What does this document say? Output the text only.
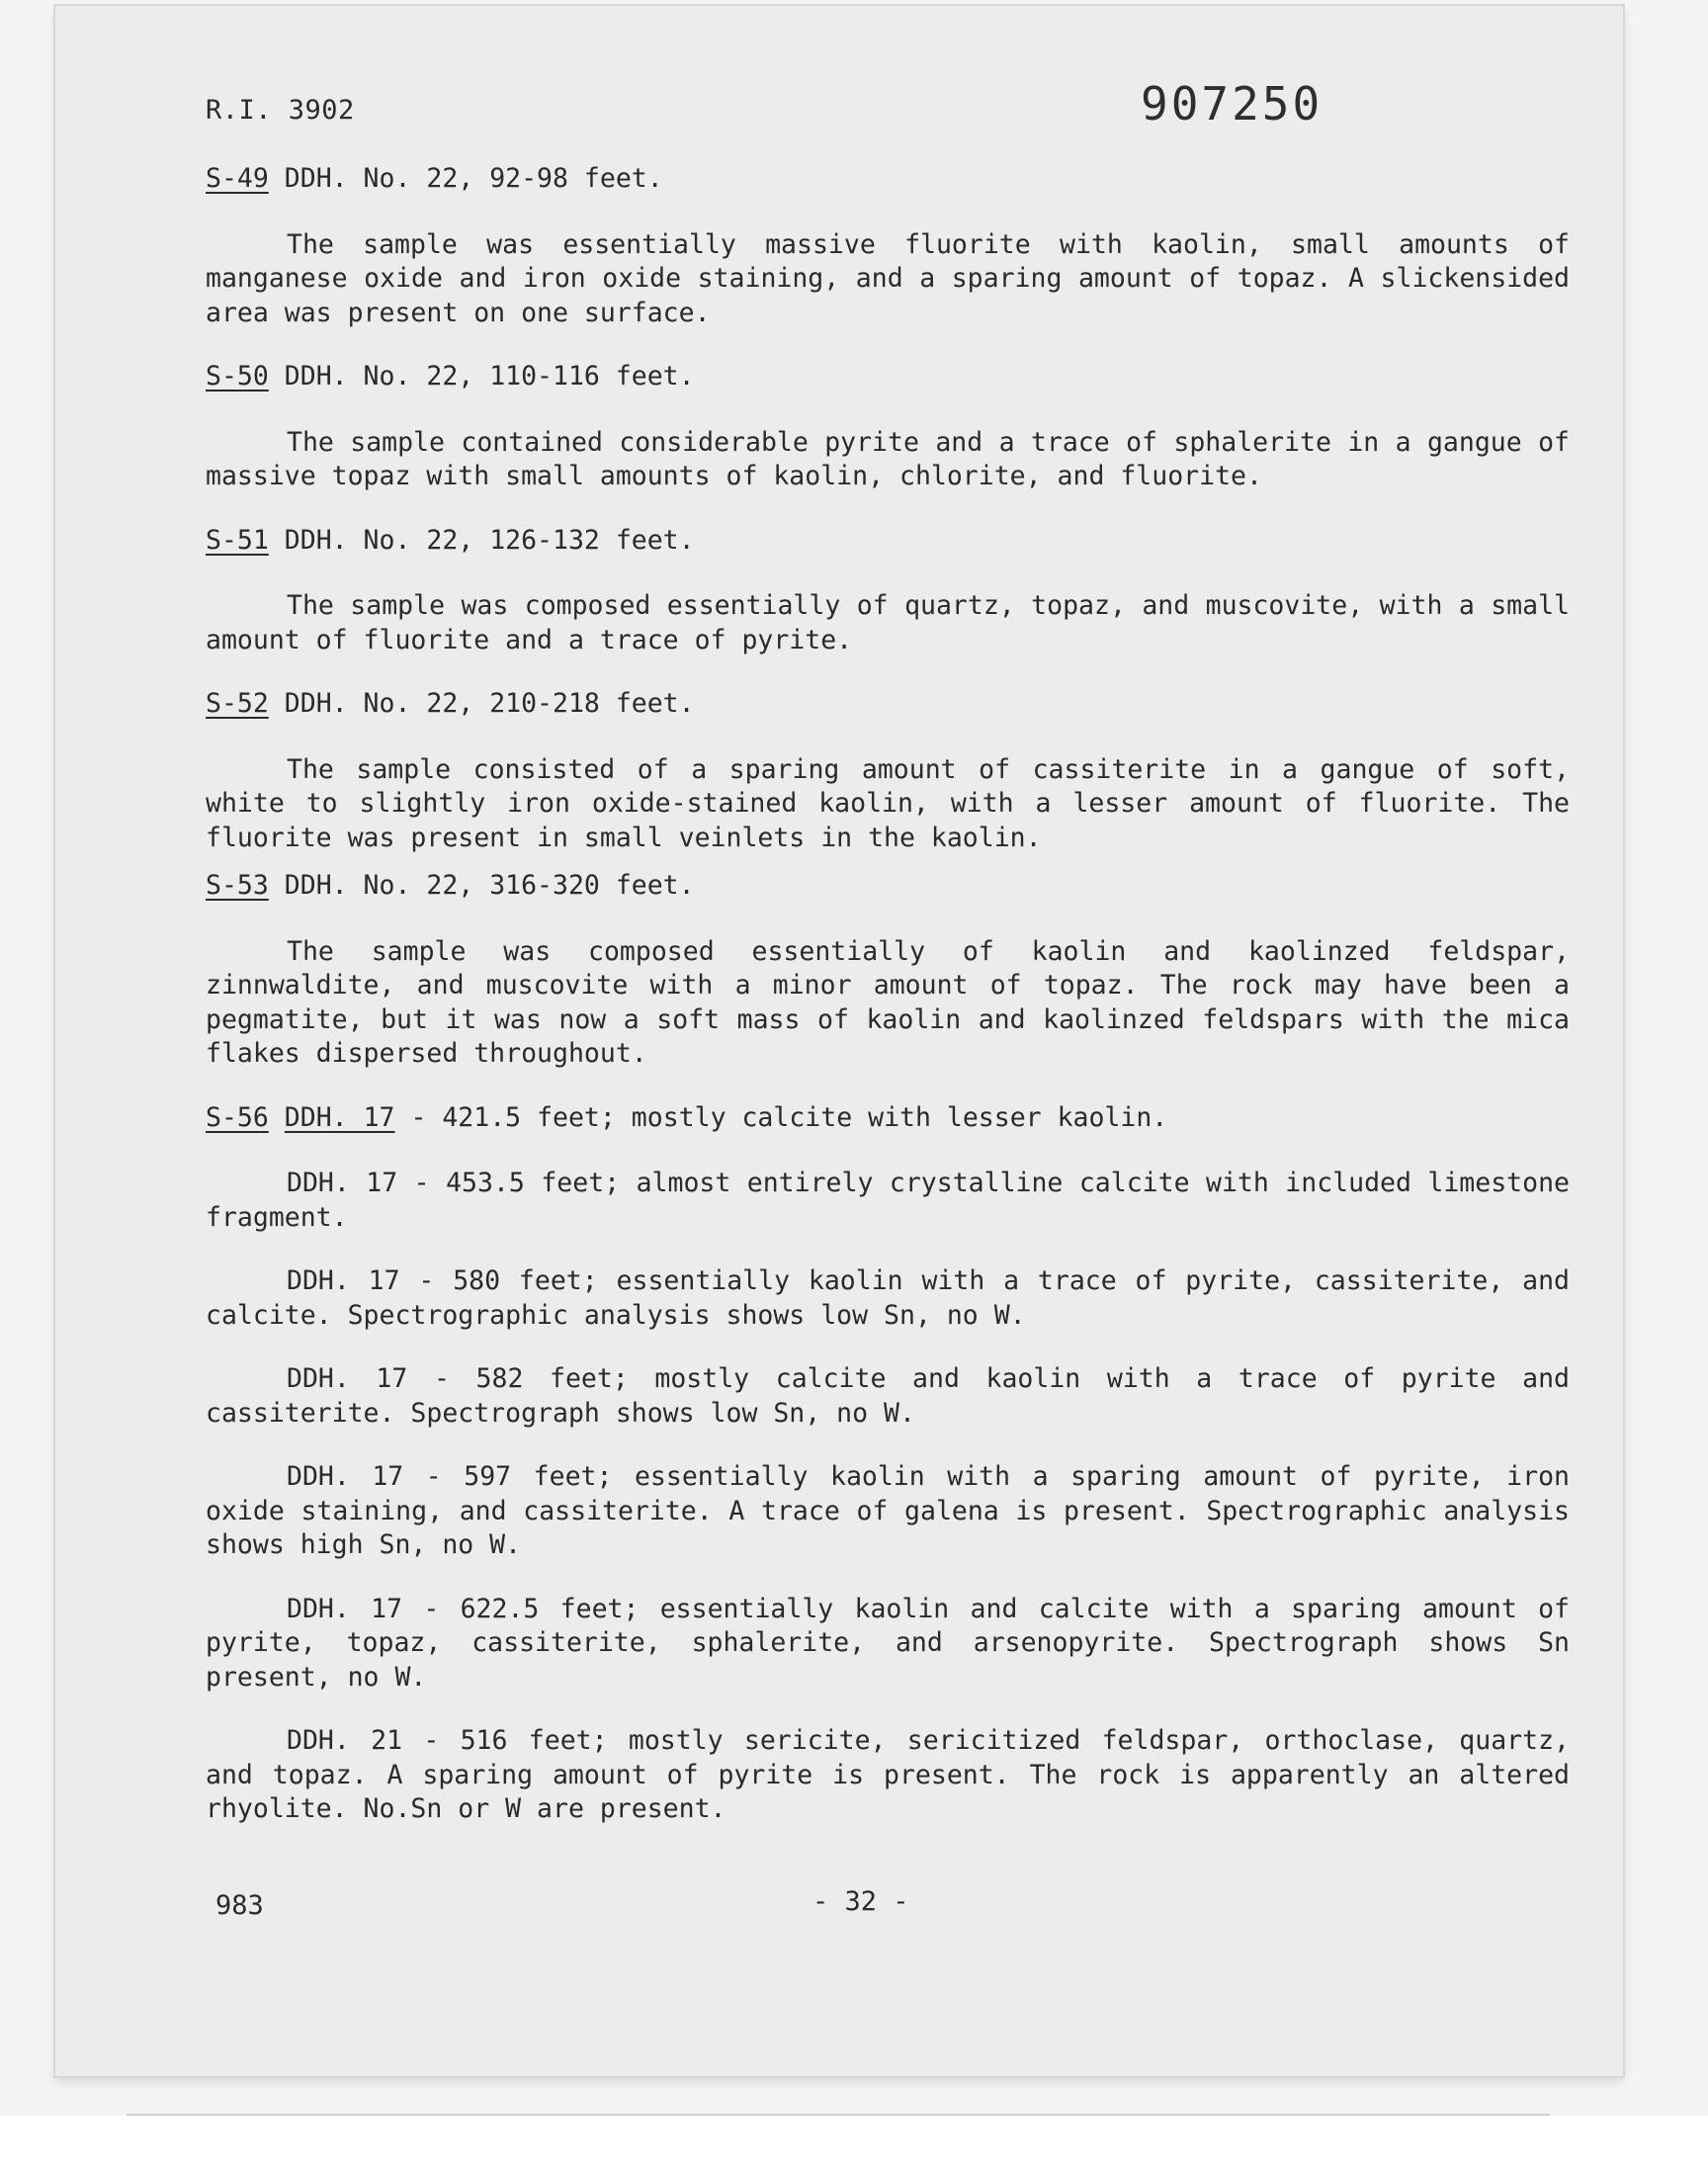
R.I. 3902	907250

S-49 DDH. No. 22, 92-98 feet.

The sample was essentially massive fluorite with kaolin, small amounts of manganese oxide and iron oxide staining, and a sparing amount of topaz. A slickensided area was present on one surface.

S-50 DDH. No. 22, 110-116 feet.

The sample contained considerable pyrite and a trace of sphalerite in a gangue of massive topaz with small amounts of kaolin, chlorite, and fluorite.

S-51 DDH. No. 22, 126-132 feet.

The sample was composed essentially of quartz, topaz, and muscovite, with a small amount of fluorite and a trace of pyrite.

S-52 DDH. No. 22, 210-218 feet.

The sample consisted of a sparing amount of cassiterite in a gangue of soft, white to slightly iron oxide-stained kaolin, with a lesser amount of fluorite. The fluorite was present in small veinlets in the kaolin.

S-53 DDH. No. 22, 316-320 feet.

The sample was composed essentially of kaolin and kaolinzed feldspar, zinnwaldite, and muscovite with a minor amount of topaz. The rock may have been a pegmatite, but it was now a soft mass of kaolin and kaolinzed feldspars with the mica flakes dispersed throughout.

S-56 DDH. 17 - 421.5 feet; mostly calcite with lesser kaolin.

DDH. 17 - 453.5 feet; almost entirely crystalline calcite with included limestone fragment.

DDH. 17 - 580 feet; essentially kaolin with a trace of pyrite, cassiterite, and calcite. Spectrographic analysis shows low Sn, no W.

DDH. 17 - 582 feet; mostly calcite and kaolin with a trace of pyrite and cassiterite. Spectrograph shows low Sn, no W.

DDH. 17 - 597 feet; essentially kaolin with a sparing amount of pyrite, iron oxide staining, and cassiterite. A trace of galena is present. Spectrographic analysis shows high Sn, no W.

DDH. 17 - 622.5 feet; essentially kaolin and calcite with a sparing amount of pyrite, topaz, cassiterite, sphalerite, and arsenopyrite. Spectrograph shows Sn present, no W.

DDH. 21 - 516 feet; mostly sericite, sericitized feldspar, orthoclase, quartz, and topaz. A sparing amount of pyrite is present. The rock is apparently an altered rhyolite. No.Sn or W are present.

983	- 32 -
